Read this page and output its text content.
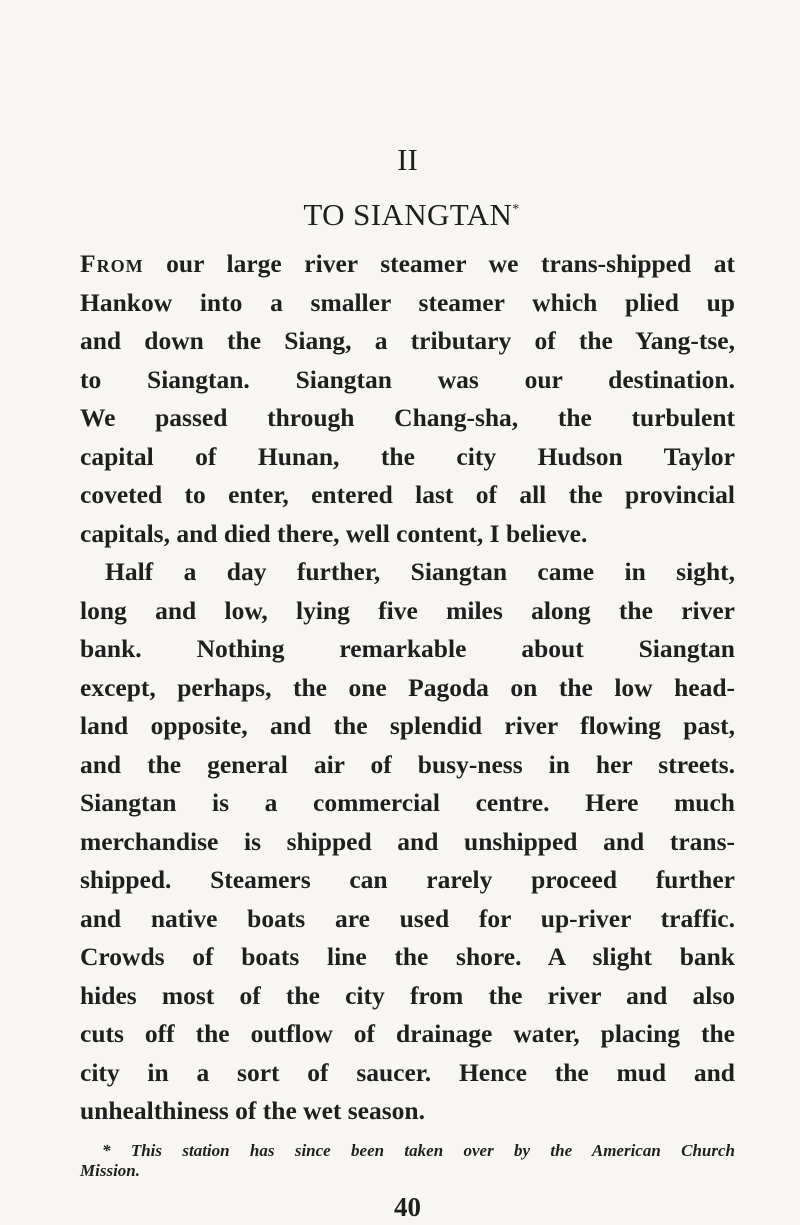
II
TO SIANGTAN*
From our large river steamer we trans-shipped at
Hankow into a smaller steamer which plied up
and down the Siang, a tributary of the Yang-tse,
to Siangtan. Siangtan was our destination.
We passed through Chang-sha, the turbulent
capital of Hunan, the city Hudson Taylor
coveted to enter, entered last of all the provincial
capitals, and died there, well content, I believe.
Half a day further, Siangtan came in sight,
long and low, lying five miles along the river
bank. Nothing remarkable about Siangtan
except, perhaps, the one Pagoda on the low head-
land opposite, and the splendid river flowing past,
and the general air of busy-ness in her streets.
Siangtan is a commercial centre. Here much
merchandise is shipped and unshipped and trans-
shipped. Steamers can rarely proceed further
and native boats are used for up-river traffic.
Crowds of boats line the shore. A slight bank
hides most of the city from the river and also
cuts off the outflow of drainage water, placing the
city in a sort of saucer. Hence the mud and
unhealthiness of the wet season.
* This station has since been taken over by the American Church
Mission.
40
